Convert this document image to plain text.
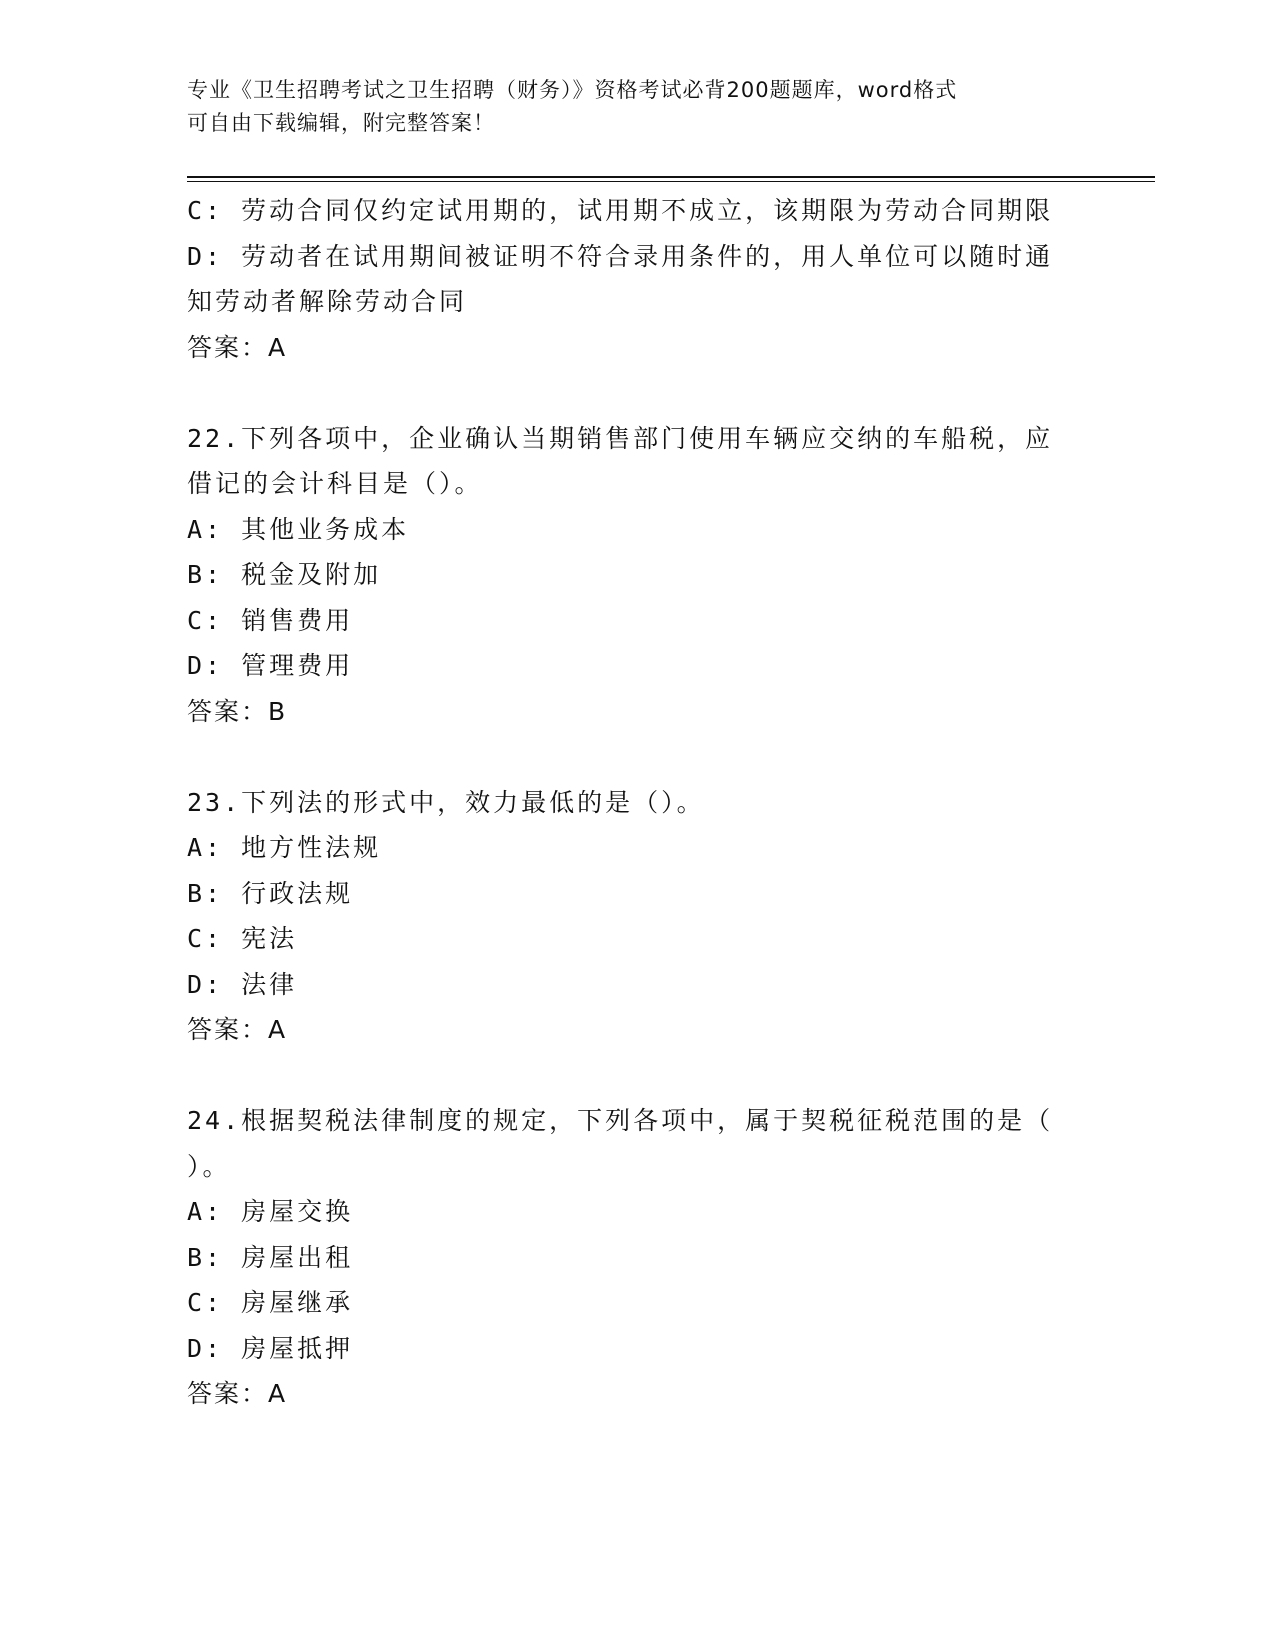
专业《卫生招聘考试之卫生招聘（财务）》资格考试必背200题题库，word格式
可自由下载编辑，附完整答案！
C: 劳动合同仅约定试用期的，试用期不成立，该期限为劳动合同期限
D: 劳动者在试用期间被证明不符合录用条件的，用人单位可以随时通
知劳动者解除劳动合同
答案：A
22.下列各项中，企业确认当期销售部门使用车辆应交纳的车船税，应
借记的会计科目是（）。
A: 其他业务成本
B: 税金及附加
C: 销售费用
D: 管理费用
答案：B
23.下列法的形式中，效力最低的是（）。
A: 地方性法规
B: 行政法规
C: 宪法
D: 法律
答案：A
24.根据契税法律制度的规定，下列各项中，属于契税征税范围的是（
）。
A: 房屋交换
B: 房屋出租
C: 房屋继承
D: 房屋抵押
答案：A
